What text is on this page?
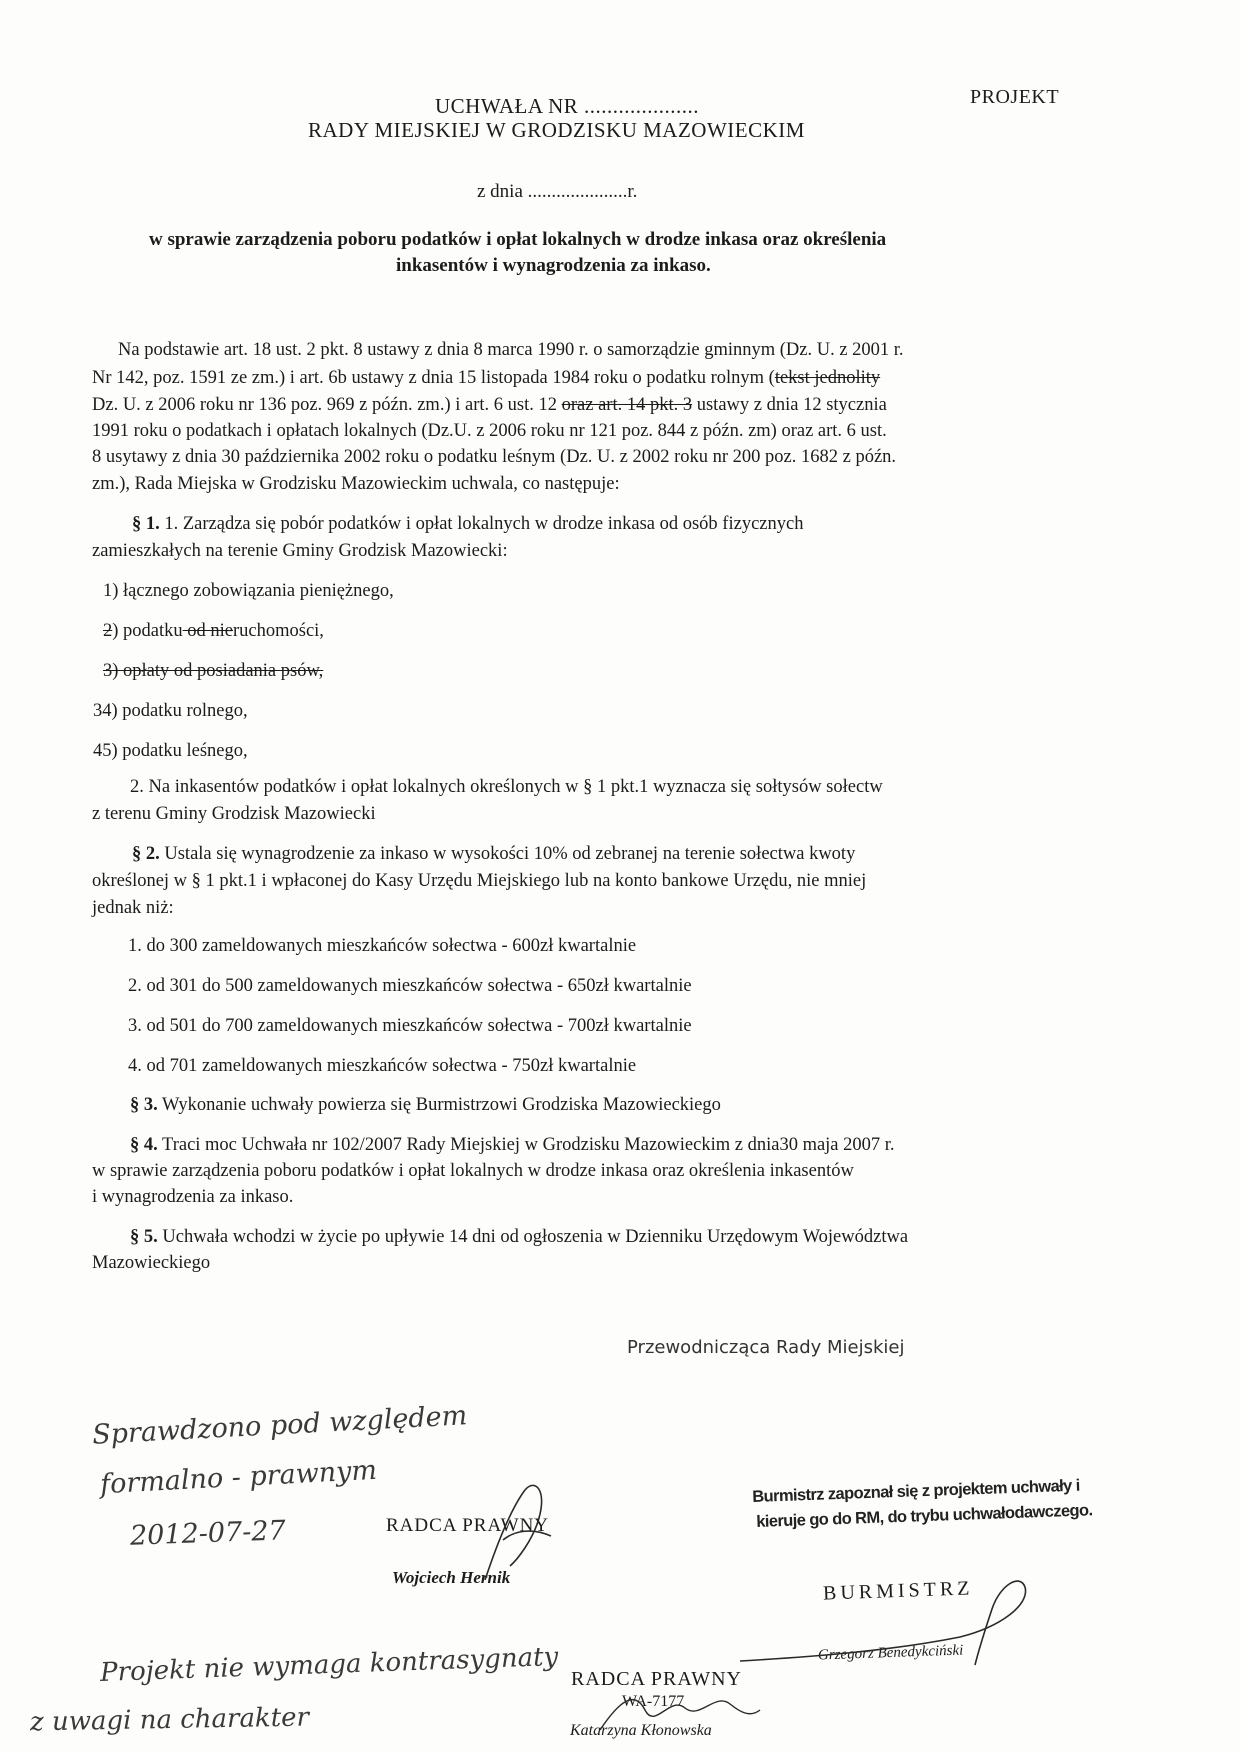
UCHWAŁA NR ....................	PROJEKT
RADY MIEJSKIEJ W GRODZISKU MAZOWIECKIM
z dnia .....................r.
w sprawie zarządzenia poboru podatków i opłat lokalnych w drodze inkasa oraz określenia
inkasentów i wynagrodzenia za inkaso.
Na podstawie art. 18 ust. 2 pkt. 8 ustawy z dnia 8 marca 1990 r. o samorządzie gminnym (Dz. U. z 2001 r.
Nr 142, poz. 1591 ze zm.) i art. 6b ustawy z dnia 15 listopada 1984 roku o podatku rolnym (tekst jednolity
Dz. U. z 2006 roku nr 136 poz. 969 z późn. zm.) i art. 6 ust. 12 oraz art. 14 pkt. 3 ustawy z dnia 12 stycznia
1991 roku o podatkach i opłatach lokalnych (Dz.U. z 2006 roku nr 121 poz. 844 z późn. zm) oraz art. 6 ust.
8 usytawy z dnia 30 października 2002 roku o podatku leśnym (Dz. U. z 2002 roku nr 200 poz. 1682 z późn.
zm.), Rada Miejska w Grodzisku Mazowieckim uchwala, co następuje:
§ 1. 1. Zarządza się pobór podatków i opłat lokalnych w drodze inkasa od osób fizycznych
zamieszkałych na terenie Gminy Grodzisk Mazowiecki:
1) łącznego zobowiązania pieniężnego,
2) podatku od nieruchomości,
3) opłaty od posiadania psów,
34) podatku rolnego,
45) podatku leśnego,
2. Na inkasentów podatków i opłat lokalnych określonych w § 1 pkt.1 wyznacza się sołtysów sołectw
z terenu Gminy Grodzisk Mazowiecki
§ 2. Ustala się wynagrodzenie za inkaso w wysokości 10% od zebranej na terenie sołectwa kwoty
określonej w § 1 pkt.1 i wpłaconej do Kasy Urzędu Miejskiego lub na konto bankowe Urzędu, nie mniej
jednak niż:
1. do 300 zameldowanych mieszkańców sołectwa - 600zł kwartalnie
2. od 301 do 500 zameldowanych mieszkańców sołectwa - 650zł kwartalnie
3. od 501 do 700 zameldowanych mieszkańców sołectwa - 700zł kwartalnie
4. od 701 zameldowanych mieszkańców sołectwa - 750zł kwartalnie
§ 3. Wykonanie uchwały powierza się Burmistrzowi Grodziska Mazowieckiego
§ 4. Traci moc Uchwała nr 102/2007 Rady Miejskiej w Grodzisku Mazowieckim z dnia30 maja 2007 r.
w sprawie zarządzenia poboru podatków i opłat lokalnych w drodze inkasa oraz określenia inkasentów
i wynagrodzenia za inkaso.
§ 5. Uchwała wchodzi w życie po upływie 14 dni od ogłoszenia w Dzienniku Urzędowym Województwa
Mazowieckiego
Przewodnicząca Rady Miejskiej
Sprawdzono pod względem
formalno - prawnym
2012-07-27	RADCA PRAWNY
Wojciech Hernik
Burmistrz zapoznał się z projektem uchwały i
kieruje go do RM, do trybu uchwałodawczego.
BURMISTRZ
Grzegorz Benedykciński
Projekt nie wymaga kontrasygnaty
z uwagi na charakter
RADCA PRAWNY
WA-7177
Katarzyna Kłonowska
